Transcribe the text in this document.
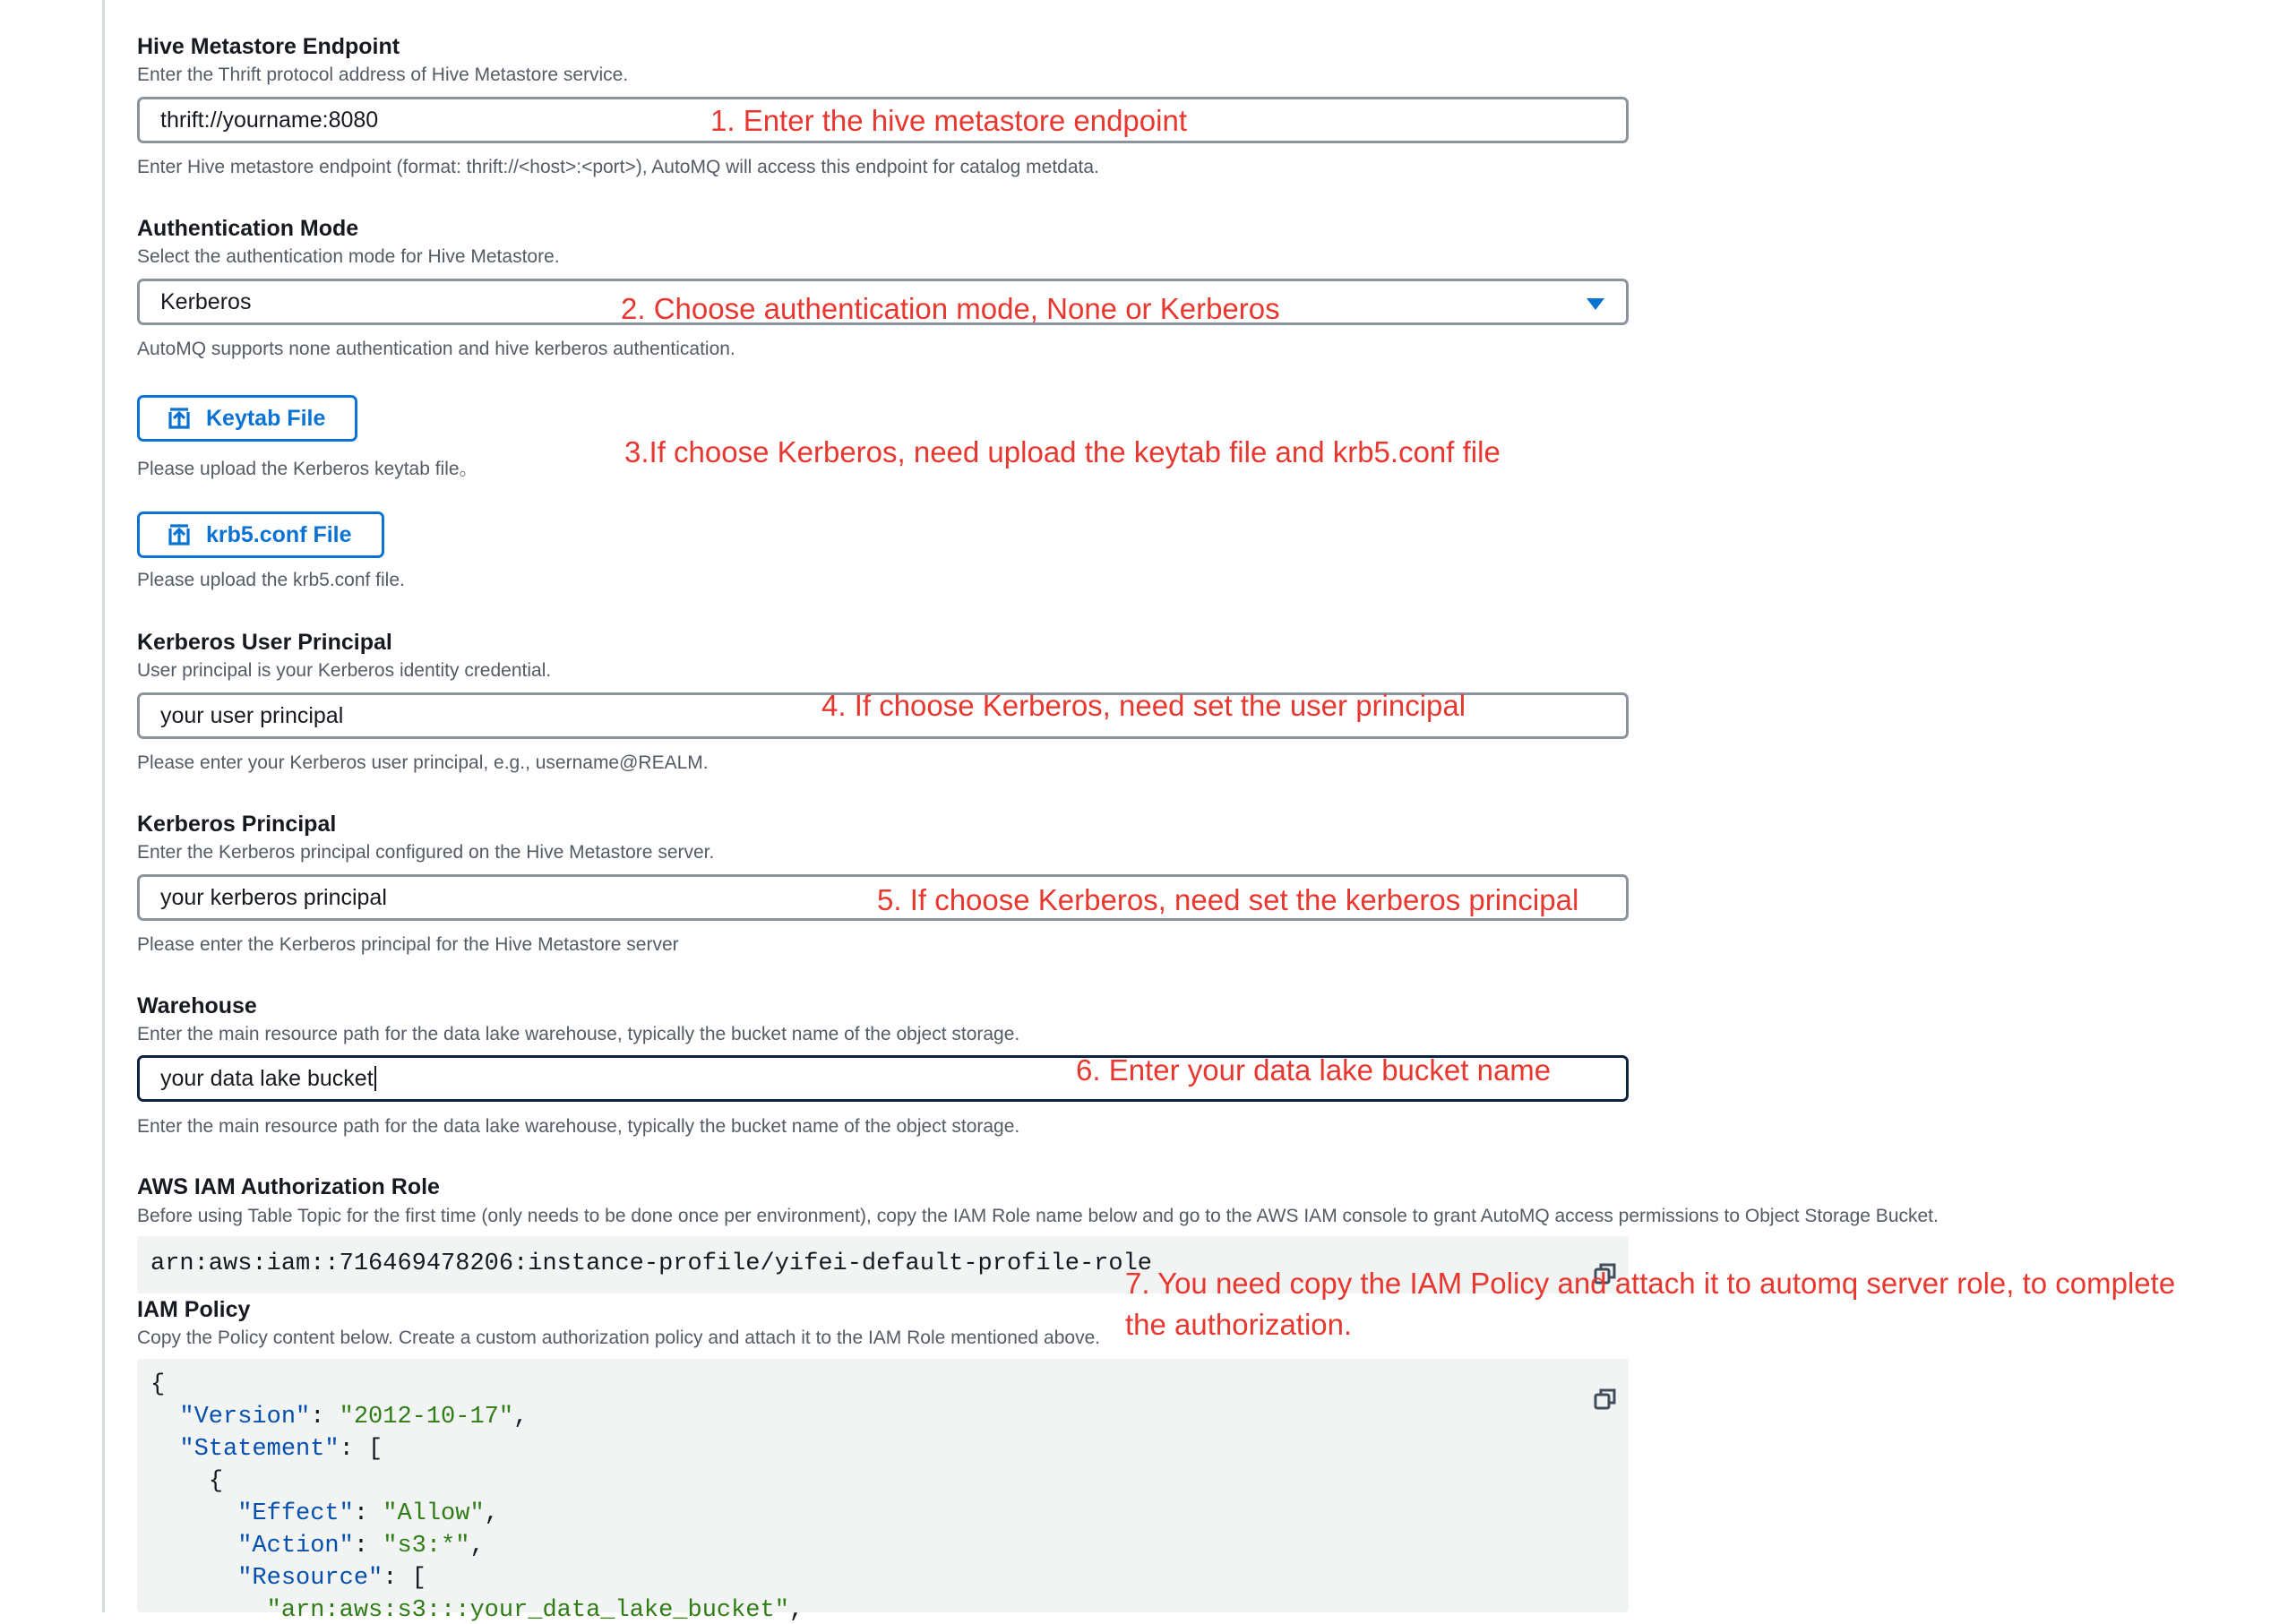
Hive Metastore Endpoint
Enter the Thrift protocol address of Hive Metastore service.
thrift://yourname:8080	1. Enter the hive metastore endpoint
Enter Hive metastore endpoint (format: thrift://<host>:<port>), AutoMQ will access this endpoint for catalog metdata.
Authentication Mode
Select the authentication mode for Hive Metastore.
Kerberos	2. Choose authentication mode, None or Kerberos
AutoMQ supports none authentication and hive kerberos authentication.
Keytab File
3.If choose Kerberos, need upload the keytab file and krb5.conf file
Please upload the Kerberos keytab file。
krb5.conf File
Please upload the krb5.conf file.
Kerberos User Principal
User principal is your Kerberos identity credential.
your user principal	4. If choose Kerberos, need set the user principal
Please enter your Kerberos user principal, e.g., username@REALM.
Kerberos Principal
Enter the Kerberos principal configured on the Hive Metastore server.
your kerberos principal	5. If choose Kerberos, need set the kerberos principal
Please enter the Kerberos principal for the Hive Metastore server
Warehouse
Enter the main resource path for the data lake warehouse, typically the bucket name of the object storage.
your data lake bucket	6. Enter your data lake bucket name
Enter the main resource path for the data lake warehouse, typically the bucket name of the object storage.
AWS IAM Authorization Role
Before using Table Topic for the first time (only needs to be done once per environment), copy the IAM Role name below and go to the AWS IAM console to grant AutoMQ access permissions to Object Storage Bucket.
arn:aws:iam::716469478206:instance-profile/yifei-default-profile-role
IAM Policy
Copy the Policy content below. Create a custom authorization policy and attach it to the IAM Role mentioned above.
{
"Version": "2012-10-17",
"Statement": [
{
"Effect": "Allow",
"Action": "s3:*",
"Resource": [
"arn:aws:s3:::your_data_lake_bucket",
7. You need copy the IAM Policy and attach it to automq server role, to complete
the authorization.
